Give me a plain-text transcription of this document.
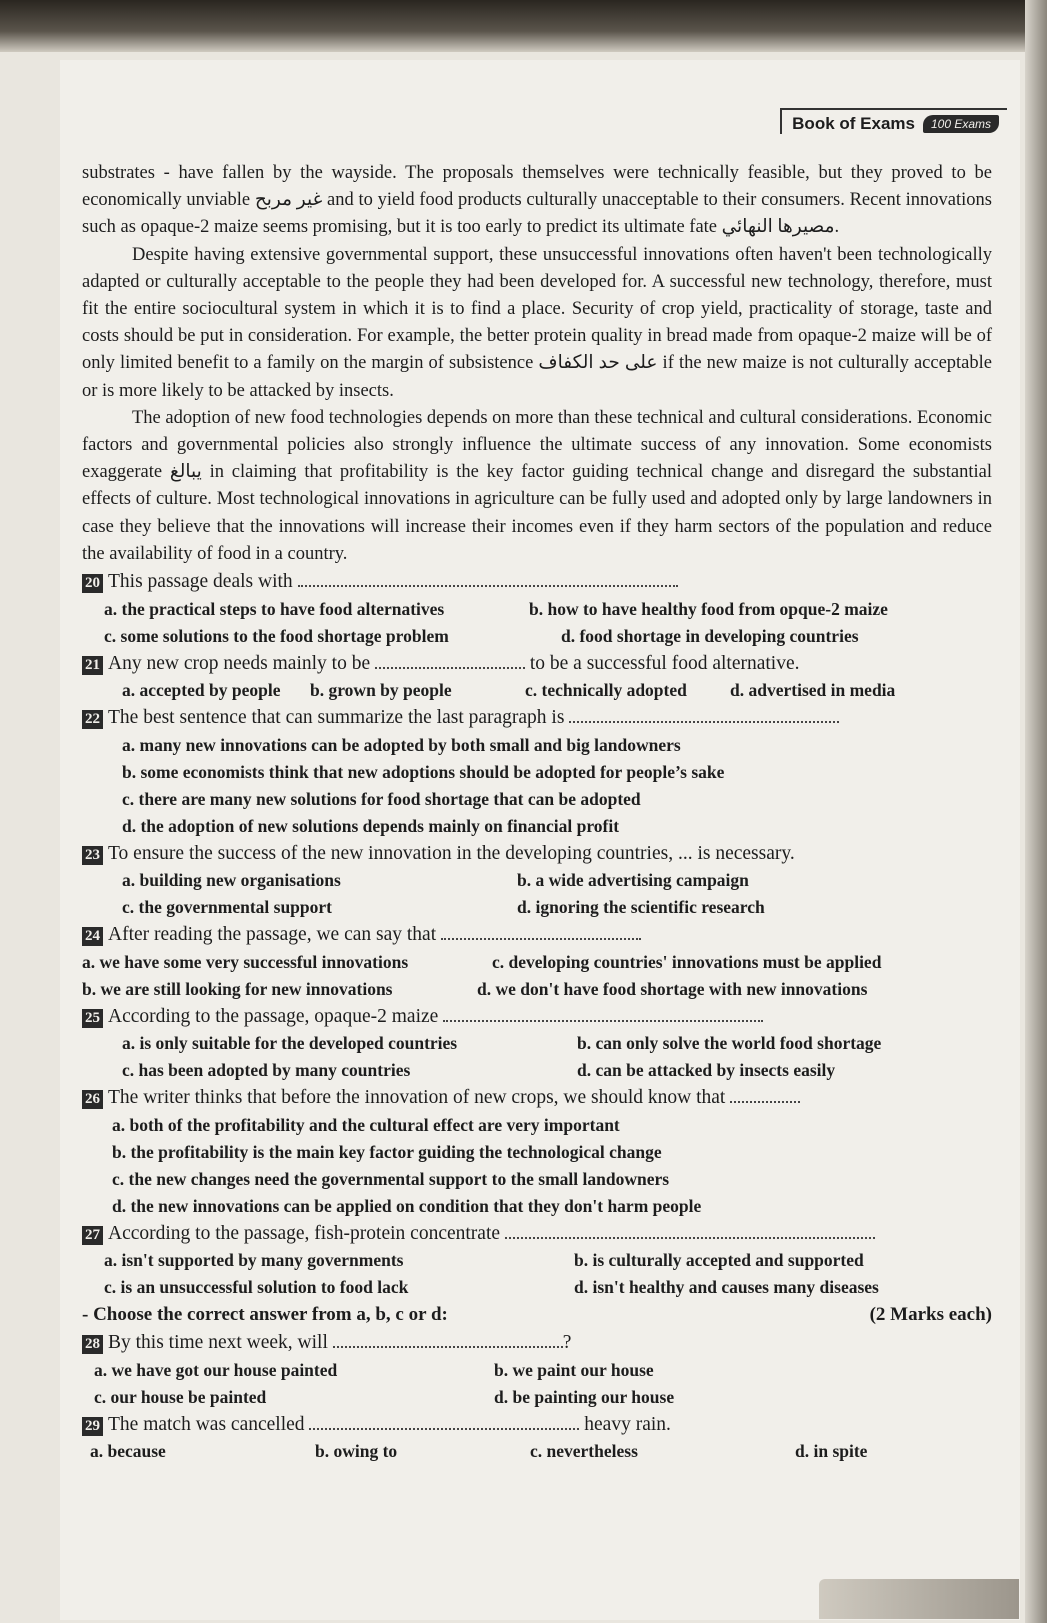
Book of Exams	100 Exams

substrates - have fallen by the wayside. The proposals themselves were technically feasible, but they proved to be economically unviable غير مربح and to yield food products culturally unacceptable to their consumers. Recent innovations such as opaque-2 maize seems promising, but it is too early to predict its ultimate fate مصيرها النهائي.

Despite having extensive governmental support, these unsuccessful innovations often haven't been technologically adapted or culturally acceptable to the people they had been developed for. A successful new technology, therefore, must fit the entire sociocultural system in which it is to find a place. Security of crop yield, practicality of storage, taste and costs should be put in consideration. For example, the better protein quality in bread made from opaque-2 maize will be of only limited benefit to a family on the margin of subsistence على حد الكفاف if the new maize is not culturally acceptable or is more likely to be attacked by insects.

The adoption of new food technologies depends on more than these technical and cultural considerations. Economic factors and governmental policies also strongly influence the ultimate success of any innovation. Some economists exaggerate يبالغ in claiming that profitability is the key factor guiding technical change and disregard the substantial effects of culture. Most technological innovations in agriculture can be fully used and adopted only by large landowners in case they believe that the innovations will increase their incomes even if they harm sectors of the population and reduce the availability of food in a country.

20 This passage deals with

a. the practical steps to have food alternatives	b. how to have healthy food from opque-2 maize
c. some solutions to the food shortage problem	d. food shortage in developing countries

21 Any new crop needs mainly to be	to be a successful food alternative.

a. accepted by people	b. grown by people	c. technically adopted	d. advertised in media

22 The best sentence that can summarize the last paragraph is

a. many new innovations can be adopted by both small and big landowners

b. some economists think that new adoptions should be adopted for people’s sake

c. there are many new solutions for food shortage that can be adopted

d. the adoption of new solutions depends mainly on financial profit

23 To ensure the success of the new innovation in the developing countries, ... is necessary.

a. building new organisations	b. a wide advertising campaign
c. the governmental support	d. ignoring the scientific research

24 After reading the passage, we can say that

a. we have some very successful innovations	c. developing countries' innovations must be applied
b. we are still looking for new innovations	d. we don't have food shortage with new innovations

25 According to the passage, opaque-2 maize

a. is only suitable for the developed countries	b. can only solve the world food shortage
c. has been adopted by many countries	d. can be attacked by insects easily

26 The writer thinks that before the innovation of new crops, we should know that

a. both of the profitability and the cultural effect are very important

b. the profitability is the main key factor guiding the technological change

c. the new changes need the governmental support to the small landowners

d. the new innovations can be applied on condition that they don't harm people

27 According to the passage, fish-protein concentrate

a. isn't supported by many governments	b. is culturally accepted and supported
c. is an unsuccessful solution to food lack	d. isn't healthy and causes many diseases
- Choose the correct answer from a, b, c or d:	(2 Marks each)

28 By this time next week, will	?

a. we have got our house painted	b. we paint our house
c. our house be painted	d. be painting our house

29 The match was cancelled	heavy rain.

a. because	b. owing to	c. nevertheless	d. in spite
